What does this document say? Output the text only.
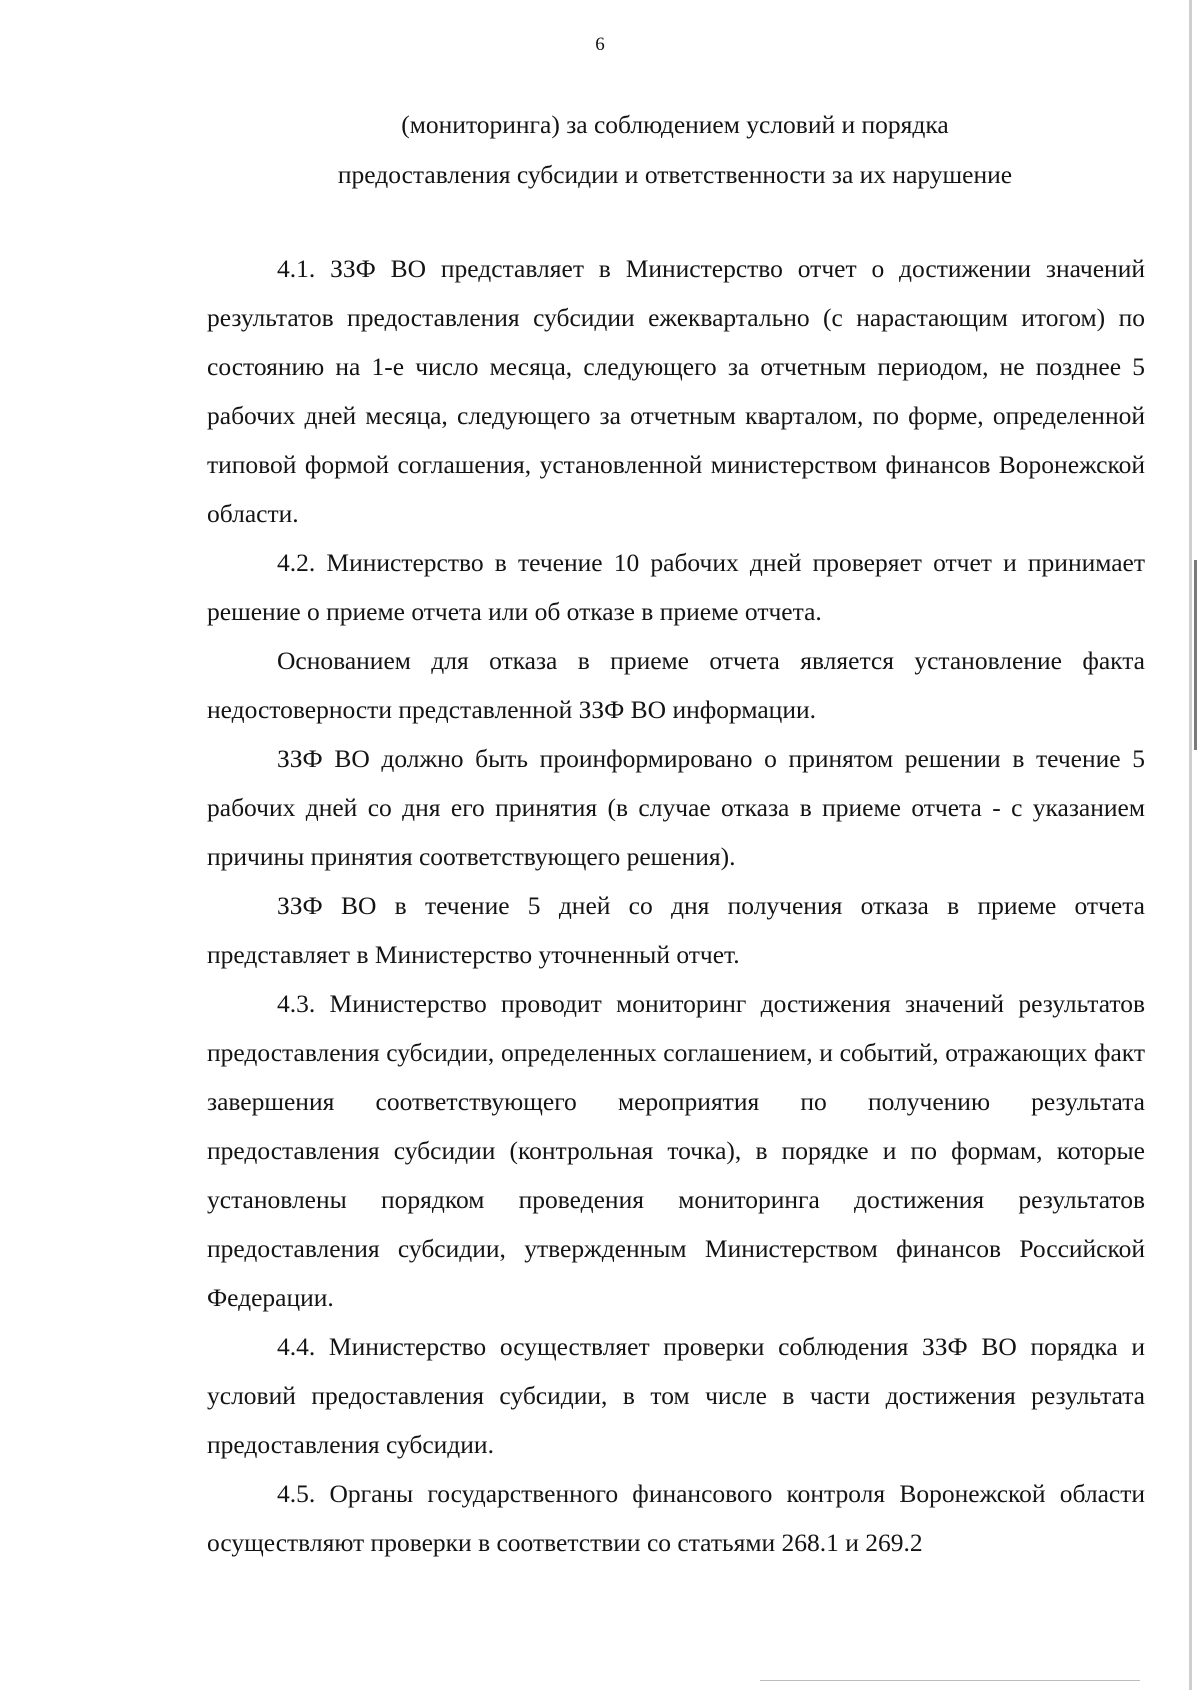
6
(мониторинга) за соблюдением условий и порядка
предоставления субсидии и ответственности за их нарушение

4.1. ЗЗФ ВО представляет в Министерство отчет о достижении значений результатов предоставления субсидии ежеквартально (с нарастающим итогом) по состоянию на 1-е число месяца, следующего за отчетным периодом, не позднее 5 рабочих дней месяца, следующего за отчетным кварталом, по форме, определенной типовой формой соглашения, установленной министерством финансов Воронежской области.

4.2. Министерство в течение 10 рабочих дней проверяет отчет и принимает решение о приеме отчета или об отказе в приеме отчета.

Основанием для отказа в приеме отчета является установление факта недостоверности представленной ЗЗФ ВО информации.

ЗЗФ ВО должно быть проинформировано о принятом решении в течение 5 рабочих дней со дня его принятия (в случае отказа в приеме отчета - с указанием причины принятия соответствующего решения).

ЗЗФ ВО в течение 5 дней со дня получения отказа в приеме отчета представляет в Министерство уточненный отчет.

4.3. Министерство проводит мониторинг достижения значений результатов предоставления субсидии, определенных соглашением, и событий, отражающих факт завершения соответствующего мероприятия по получению результата предоставления субсидии (контрольная точка), в порядке и по формам, которые установлены порядком проведения мониторинга достижения результатов предоставления субсидии, утвержденным Министерством финансов Российской Федерации.

4.4. Министерство осуществляет проверки соблюдения ЗЗФ ВО порядка и условий предоставления субсидии, в том числе в части достижения результата предоставления субсидии.

4.5. Органы государственного финансового контроля Воронежской области осуществляют проверки в соответствии со статьями 268.1 и 269.2
